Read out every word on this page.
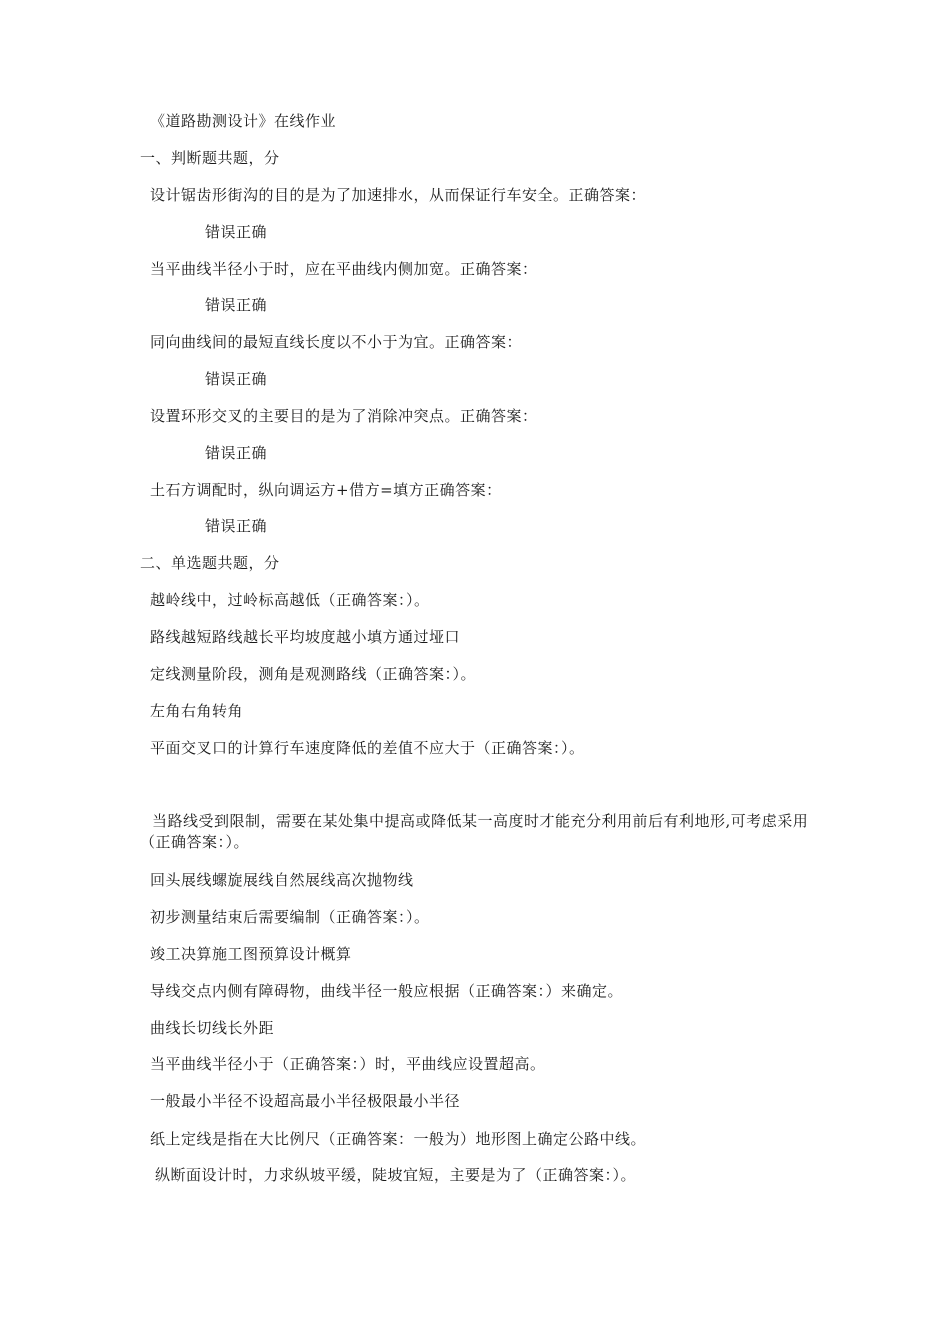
《道路勘测设计》在线作业
一、判断题共题，分
设计锯齿形街沟的目的是为了加速排水，从而保证行车安全。正确答案：
错误正确
当平曲线半径小于时，应在平曲线内侧加宽。正确答案：
错误正确
同向曲线间的最短直线长度以不小于为宜。正确答案：
错误正确
设置环形交叉的主要目的是为了消除冲突点。正确答案：
错误正确
土石方调配时，纵向调运方+借方=填方正确答案：
错误正确
二、单选题共题，分
越岭线中，过岭标高越低（正确答案：）。
路线越短路线越长平均坡度越小填方通过垭口
定线测量阶段，测角是观测路线（正确答案：）。
左角右角转角
平面交叉口的计算行车速度降低的差值不应大于（正确答案：）。
当路线受到限制，需要在某处集中提高或降低某一高度时才能充分利用前后有利地形,可考虑采用（正确答案：）。
回头展线螺旋展线自然展线高次抛物线
初步测量结束后需要编制（正确答案：）。
竣工决算施工图预算设计概算
导线交点内侧有障碍物，曲线半径一般应根据（正确答案：）来确定。
曲线长切线长外距
当平曲线半径小于（正确答案：）时，平曲线应设置超高。
一般最小半径不设超高最小半径极限最小半径
纸上定线是指在大比例尺（正确答案：一般为）地形图上确定公路中线。
纵断面设计时，力求纵坡平缓，陡坡宜短，主要是为了（正确答案：）。
